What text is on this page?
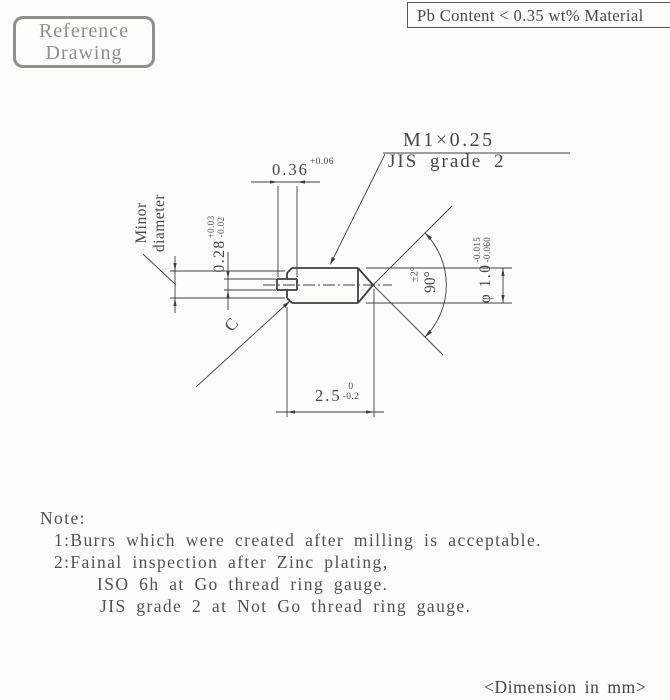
Reference
Drawing
Pb Content < 0.35 wt% Material
M1×0.25
JIS grade 2
0.36 +0.06
Minor diameter
0.28
+0.03 -0.02
φ 1.0
-0.015 -0.060
90°
±2°
2.5 0
-0.2
C
Note:
1:Burrs which were created after milling is acceptable.
2:Fainal inspection after Zinc plating,
ISO 6h at Go thread ring gauge.
JIS grade 2 at Not Go thread ring gauge.
<Dimension in mm>
